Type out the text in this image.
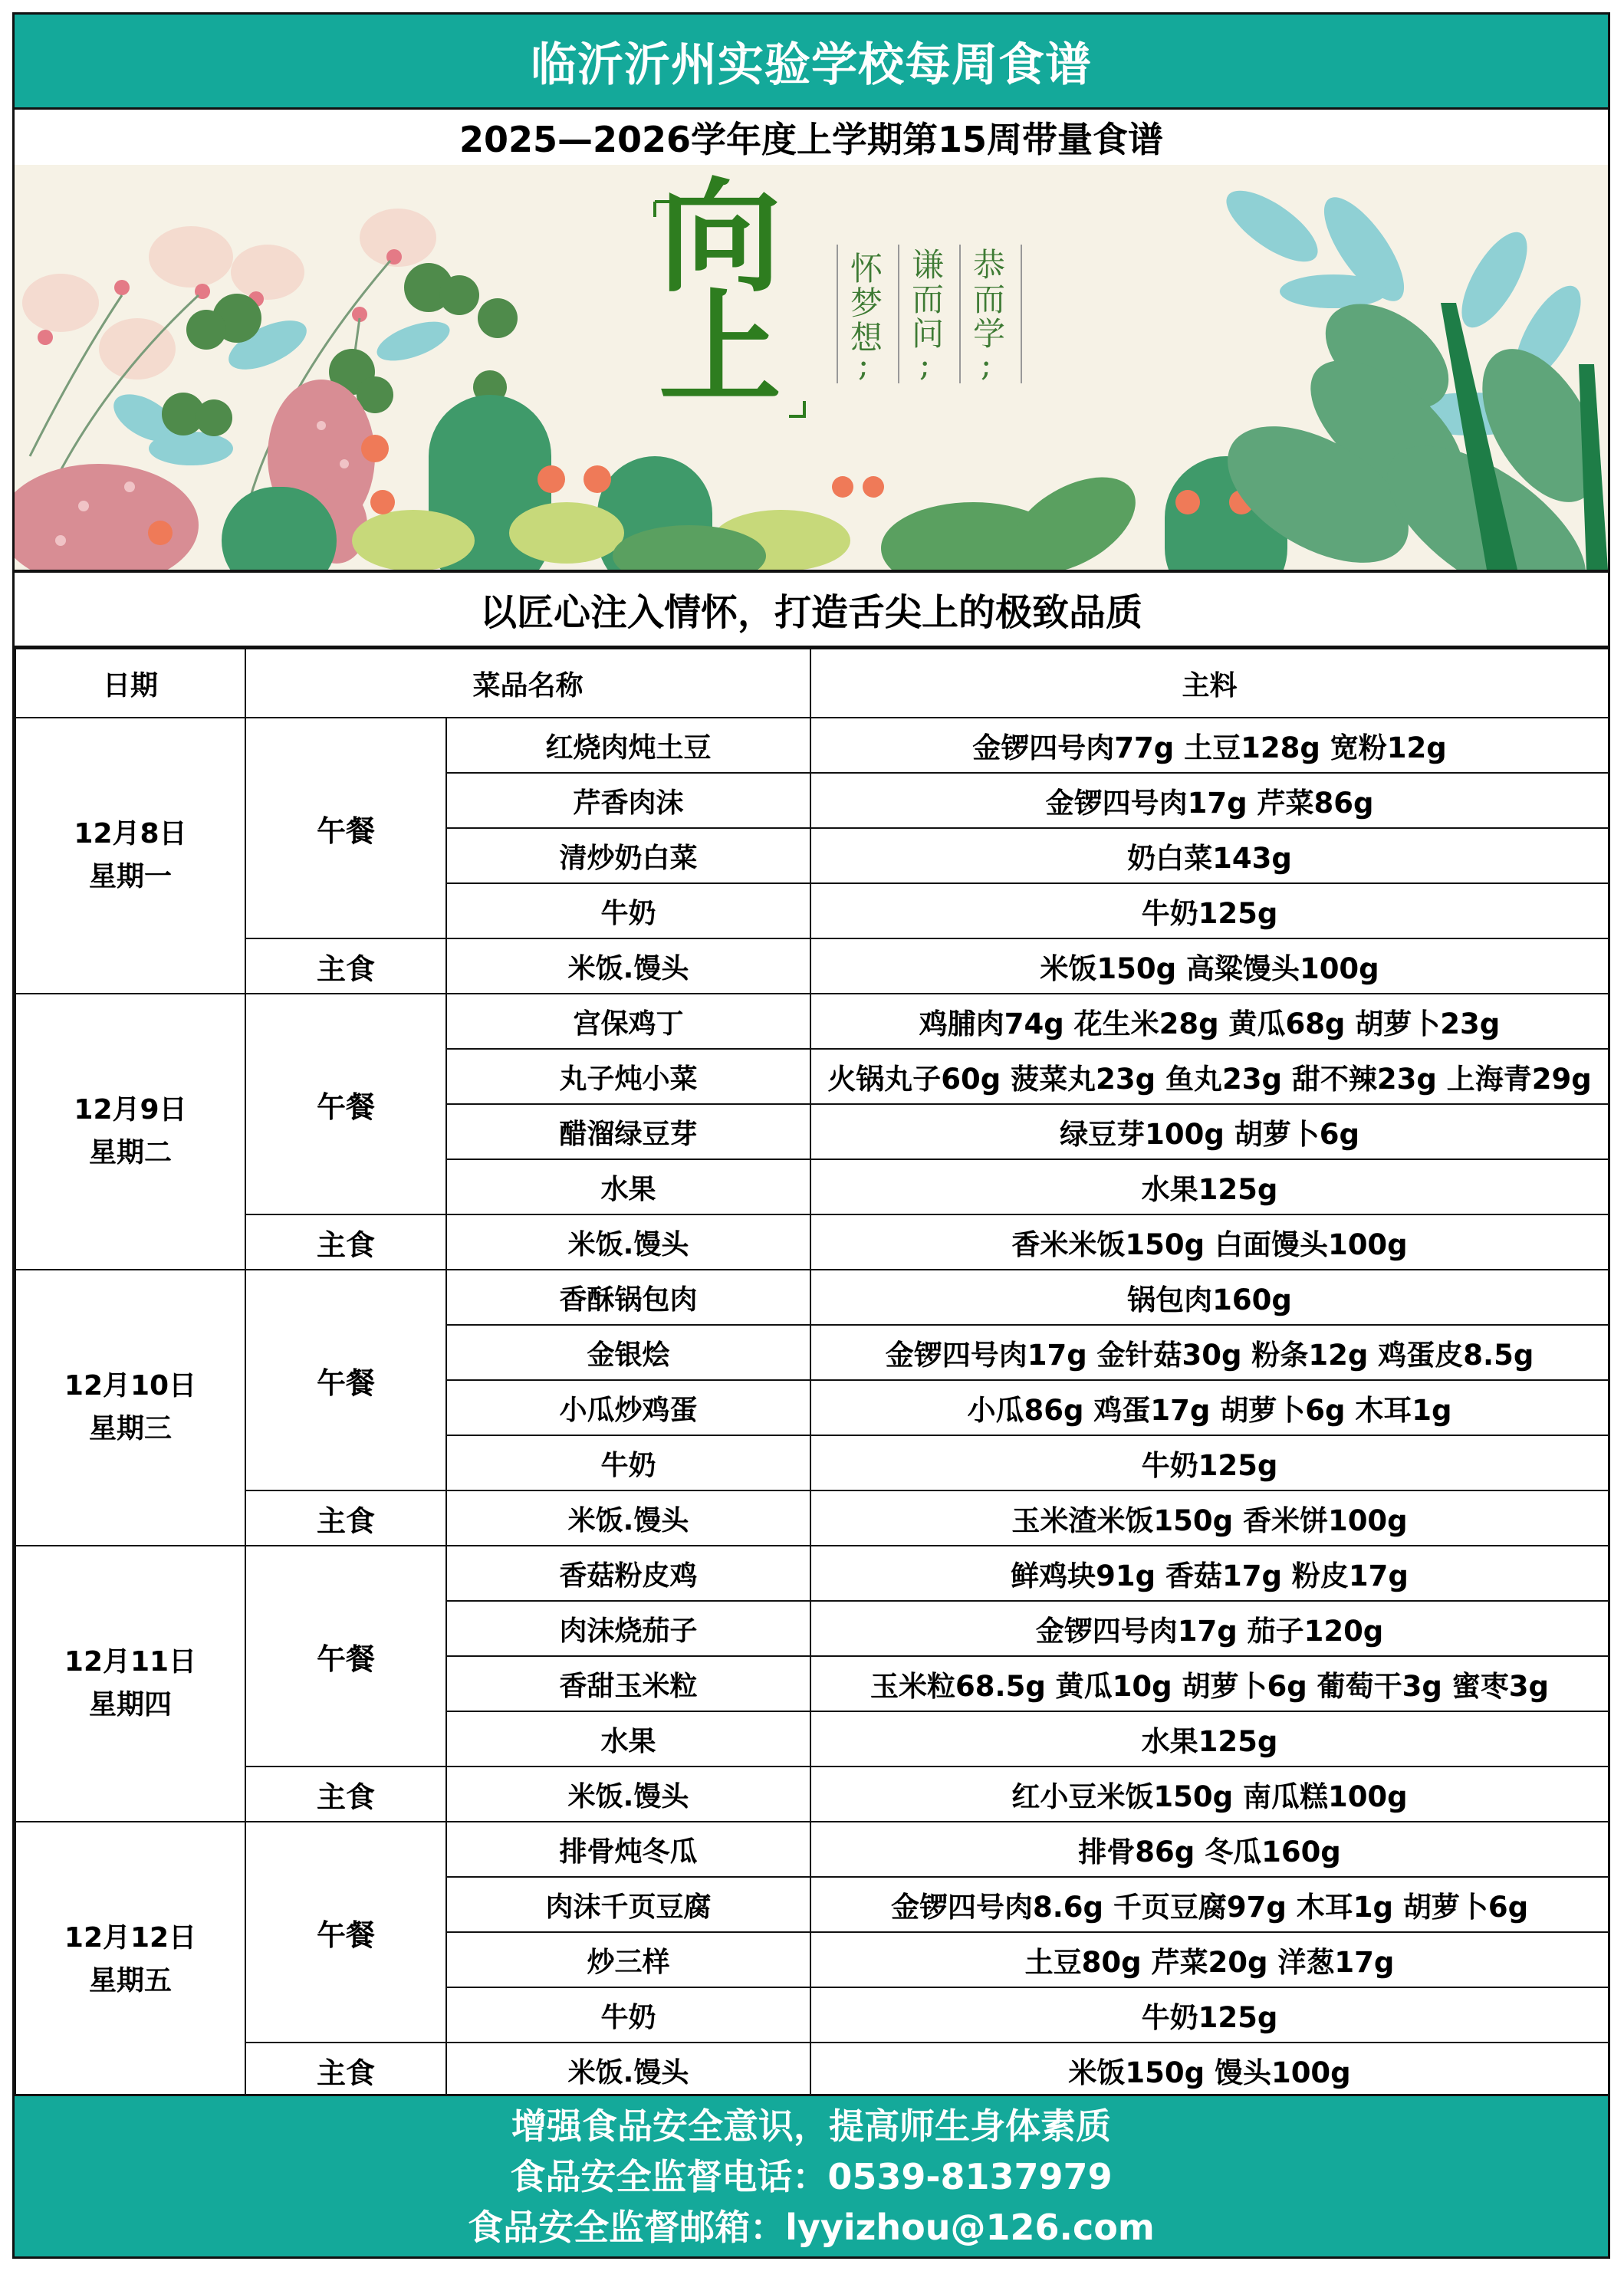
临沂沂州实验学校每周食谱
2025—2026学年度上学期第15周带量食谱
向
上
怀
梦
想
;
谦
而
问
;
恭
而
学
;
以匠心注入情怀，打造舌尖上的极致品质
日期	菜品名称		主料

12月8日
星期一	午餐	红烧肉炖土豆	金锣四号肉77g 土豆128g 宽粉12g
		芹香肉沫	金锣四号肉17g 芹菜86g
		清炒奶白菜	奶白菜143g
		牛奶	牛奶125g
	主食	米饭.馒头	米饭150g 高粱馒头100g

12月9日
星期二	午餐	宫保鸡丁	鸡脯肉74g 花生米28g 黄瓜68g 胡萝卜23g
		丸子炖小菜	火锅丸子60g 菠菜丸23g 鱼丸23g 甜不辣23g 上海青29g
		醋溜绿豆芽	绿豆芽100g 胡萝卜6g
		水果	水果125g
	主食	米饭.馒头	香米米饭150g 白面馒头100g

12月10日
星期三	午餐	香酥锅包肉	锅包肉160g
		金银烩	金锣四号肉17g 金针菇30g 粉条12g 鸡蛋皮8.5g
		小瓜炒鸡蛋	小瓜86g 鸡蛋17g 胡萝卜6g 木耳1g
		牛奶	牛奶125g
	主食	米饭.馒头	玉米渣米饭150g 香米饼100g

12月11日
星期四	午餐	香菇粉皮鸡	鲜鸡块91g 香菇17g 粉皮17g
		肉沫烧茄子	金锣四号肉17g 茄子120g
		香甜玉米粒	玉米粒68.5g 黄瓜10g 胡萝卜6g 葡萄干3g 蜜枣3g
		水果	水果125g
	主食	米饭.馒头	红小豆米饭150g 南瓜糕100g

12月12日
星期五	午餐	排骨炖冬瓜	排骨86g 冬瓜160g
		肉沫千页豆腐	金锣四号肉8.6g 千页豆腐97g 木耳1g 胡萝卜6g
		炒三样	土豆80g 芹菜20g 洋葱17g
		牛奶	牛奶125g
	主食	米饭.馒头	米饭150g 馒头100g
增强食品安全意识，提高师生身体素质
食品安全监督电话：0539-8137979
食品安全监督邮箱：lyyizhou@126.com
